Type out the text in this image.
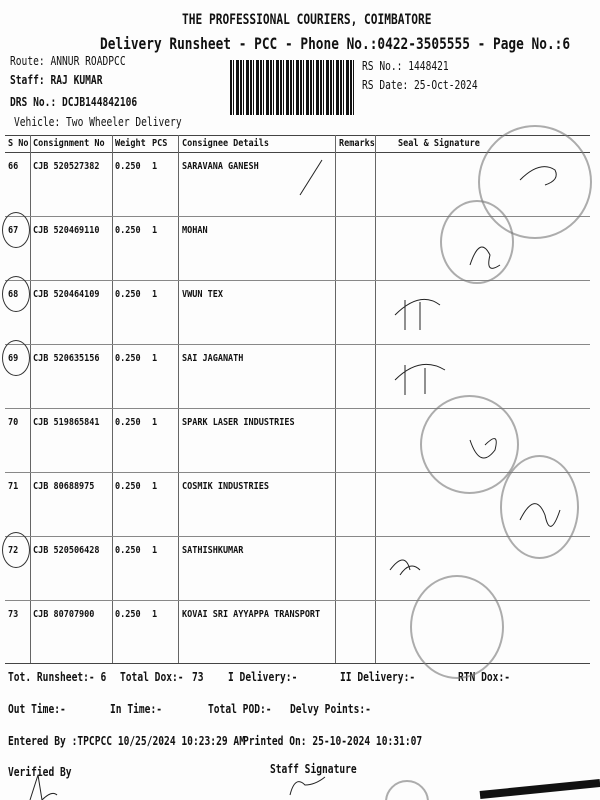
THE PROFESSIONAL COURIERS, COIMBATORE
Delivery Runsheet - PCC - Phone No.:0422-3505555 - Page No.:6
Route: ANNUR ROADPCC
Staff: RAJ KUMAR
DRS No.: DCJB144842106
Vehicle: Two Wheeler Delivery
RS No.: 1448421
RS Date: 25-Oct-2024
S No Consignment No Weight PCS Consignee Details	Remarks Seal & Signature
66 CJB 520527382 0.250 1 SARAVANA GANESH
67 CJB 520469110 0.250 1 MOHAN
68 CJB 520464109 0.250 1 VWUN TEX
69 CJB 520635156 0.250 1 SAI JAGANATH
70 CJB 519865841 0.250 1 SPARK LASER INDUSTRIES
71 CJB 80688975 0.250 1 COSMIK INDUSTRIES
72 CJB 520506428 0.250 1 SATHISHKUMAR
73 CJB 80707900 0.250 1 KOVAI SRI AYYAPPA TRANSPORT
Tot. Runsheet:- 6 Total Dox:- 73 I Delivery:-	II Delivery:-	RTN Dox:-
Out Time:-	In Time:-	Total POD:- Delvy Points:-
Entered By :TPCPCC 10/25/2024 10:23:29 AM
Printed On: 25-10-2024 10:31:07
Verified By	Staff Signature
